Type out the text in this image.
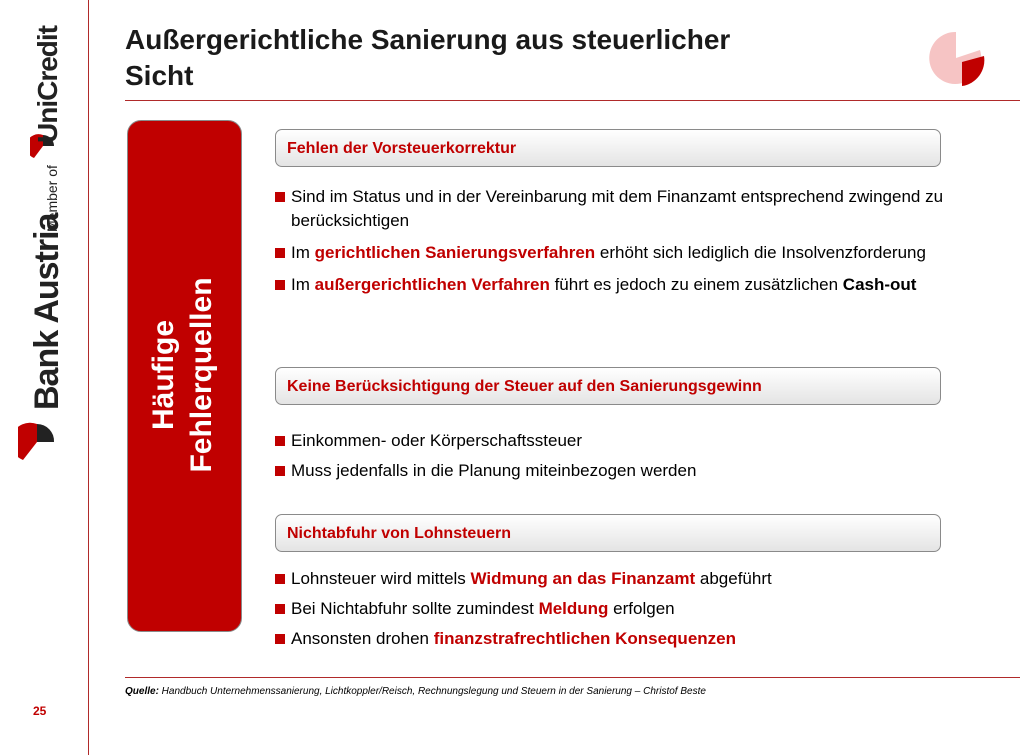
UniCredit
Member of
Bank Austria
Außergerichtliche Sanierung aus steuerlicher Sicht
Häufige Fehlerquellen
Fehlen der Vorsteuerkorrektur
Sind im Status und in der Vereinbarung mit dem Finanzamt entsprechend zwingend zu berücksichtigen
Im gerichtlichen Sanierungsverfahren erhöht sich lediglich die Insolvenzforderung
Im außergerichtlichen Verfahren führt es jedoch zu einem zusätzlichen Cash-out
Keine Berücksichtigung der Steuer auf den Sanierungsgewinn
Einkommen- oder Körperschaftssteuer
Muss jedenfalls in die Planung miteinbezogen werden
Nichtabfuhr von Lohnsteuern
Lohnsteuer wird mittels Widmung an das Finanzamt abgeführt
Bei Nichtabfuhr sollte zumindest Meldung erfolgen
Ansonsten drohen finanzstrafrechtlichen Konsequenzen
Quelle: Handbuch Unternehmenssanierung, Lichtkoppler/Reisch, Rechnungslegung und Steuern in der Sanierung – Christof Beste
25
